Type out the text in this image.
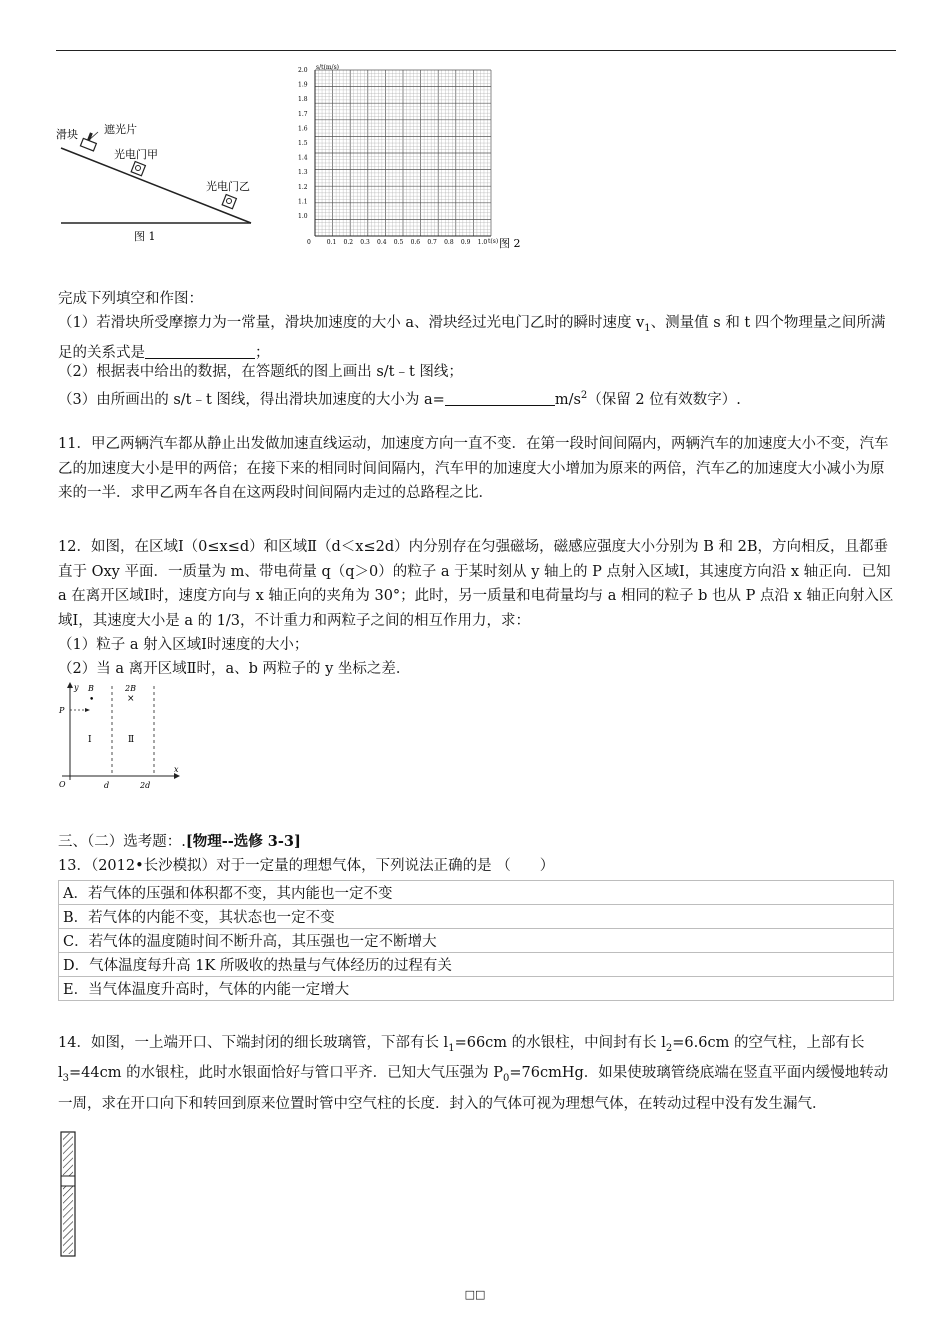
滑块 遮光片
光电门甲
光电门乙
图 1
s/t(m/s)
t(s)
0
2.0
1.9
1.8
1.7
1.6
1.5
1.4
1.3
1.2
1.1
1.0
0.1 0.2 0.3 0.4 0.5 0.6 0.7 0.8 0.9 1.0 图 2
完成下列填空和作图：
（1）若滑块所受摩擦力为一常量，滑块加速度的大小 a、滑块经过光电门乙时的瞬时速度 $v_1$、测量值 s 和 t 四个物理量之间所满足的关系式是	；
（2）根据表中给出的数据，在答题纸的图上画出 s/t﹣t 图线；
（3）由所画出的 s/t﹣t 图线，得出滑块加速度的大小为 a=	$m/s^2$（保留 2 位有效数字）.
11．甲乙两辆汽车都从静止出发做加速直线运动，加速度方向一直不变．在第一段时间间隔内，两辆汽车的加速度大小不变，汽车乙的加速度大小是甲的两倍；在接下来的相同时间间隔内，汽车甲的加速度大小增加为原来的两倍，汽车乙的加速度大小减小为原来的一半．求甲乙两车各自在这两段时间间隔内走过的总路程之比．
12．如图，在区域Ⅰ（0≤x≤d）和区域Ⅱ（d＜x≤2d）内分别存在匀强磁场，磁感应强度大小分别为 B 和 2B，方向相反，且都垂直于 Oxy 平面．一质量为 m、带电荷量 q（q＞0）的粒子 a 于某时刻从 y 轴上的 P 点射入区域Ⅰ，其速度方向沿 x 轴正向．已知 a 在离开区域Ⅰ时，速度方向与 x 轴正向的夹角为 30°；此时，另一质量和电荷量均与 a 相同的粒子 b 也从 P 点沿 x 轴正向射入区域Ⅰ，其速度大小是 a 的 1/3，不计重力和两粒子之间的相互作用力，求：
（1）粒子 a 射入区域Ⅰ时速度的大小；
（2）当 a 离开区域Ⅱ时，a、b 两粒子的 y 坐标之差．
y
x
O
P
B
•
2B
×
Ⅰ	Ⅱ
d	2d
三、（二）选考题：.[物理--选修 3-3]
13．（2012•长沙模拟）对于一定量的理想气体，下列说法正确的是 （　　）
A．若气体的压强和体积都不变，其内能也一定不变
B．若气体的内能不变，其状态也一定不变
C．若气体的温度随时间不断升高，其压强也一定不断增大
D．气体温度每升高 1K 所吸收的热量与气体经历的过程有关
E．当气体温度升高时，气体的内能一定增大
14．如图，一上端开口、下端封闭的细长玻璃管，下部有长 $l_1=66cm$ 的水银柱，中间封有长 $l_2=6.6cm$ 的空气柱，上部有长 $l_3=44cm$ 的水银柱，此时水银面恰好与管口平齐．已知大气压强为 $P_0=76cmHg$．如果使玻璃管绕底端在竖直平面内缓慢地转动一周，求在开口向下和转回到原来位置时管中空气柱的长度．封入的气体可视为理想气体，在转动过程中没有发生漏气．
□□
